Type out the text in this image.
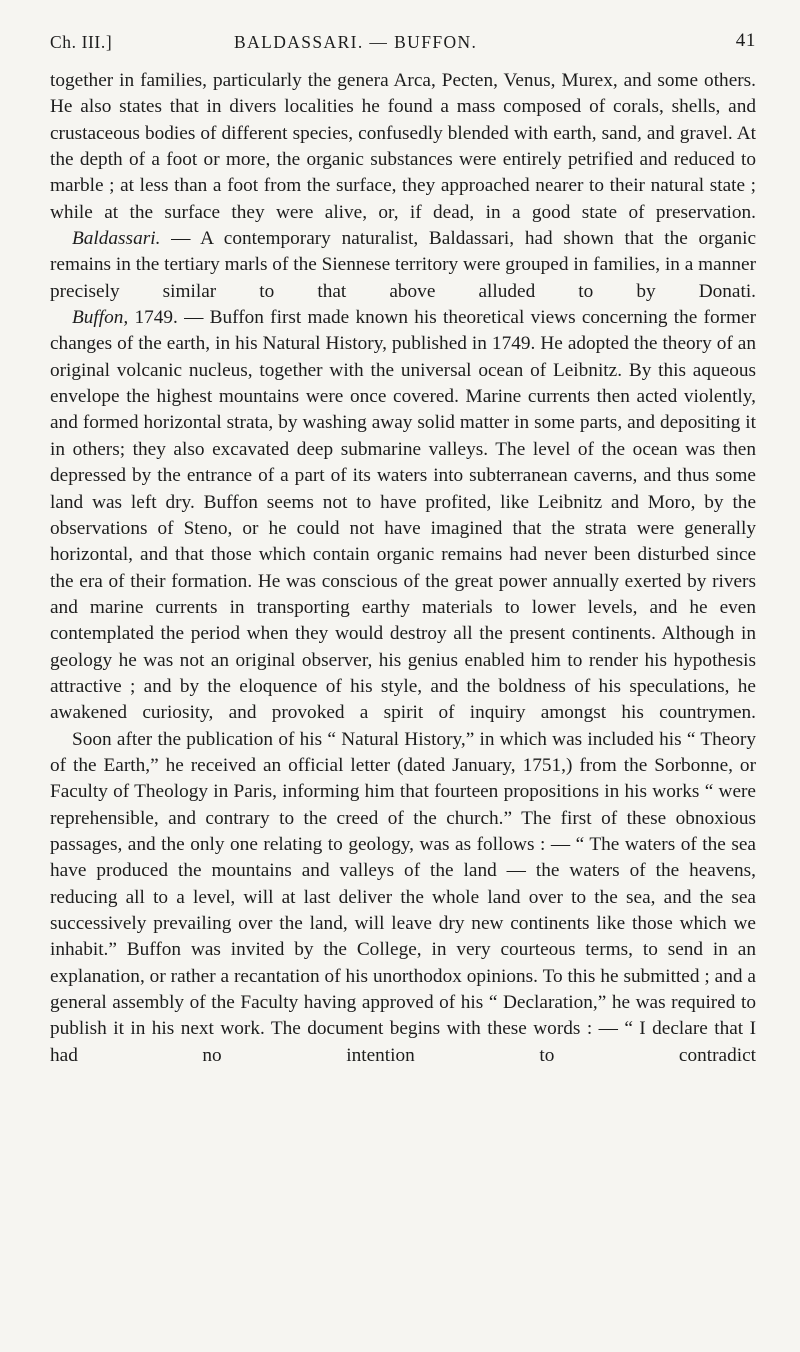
Ch. III.]	BALDASSARI. — BUFFON.	41

together in families, particularly the genera Arca, Pecten, Venus, Murex, and some others. He also states that in divers localities he found a mass composed of corals, shells, and crustaceous bodies of different species, confusedly blended with earth, sand, and gravel. At the depth of a foot or more, the organic substances were entirely petrified and reduced to marble ; at less than a foot from the surface, they approached nearer to their natural state ; while at the surface they were alive, or, if dead, in a good state of preservation.

Baldassari. — A contemporary naturalist, Baldassari, had shown that the organic remains in the tertiary marls of the Siennese territory were grouped in families, in a manner precisely similar to that above alluded to by Donati.

Buffon, 1749. — Buffon first made known his theoretical views concerning the former changes of the earth, in his Natural History, published in 1749. He adopted the theory of an original volcanic nucleus, together with the universal ocean of Leibnitz. By this aqueous envelope the highest mountains were once covered. Marine currents then acted violently, and formed horizontal strata, by washing away solid matter in some parts, and depositing it in others; they also excavated deep submarine valleys. The level of the ocean was then depressed by the entrance of a part of its waters into subterranean caverns, and thus some land was left dry. Buffon seems not to have profited, like Leibnitz and Moro, by the observations of Steno, or he could not have imagined that the strata were generally horizontal, and that those which contain organic remains had never been disturbed since the era of their formation. He was conscious of the great power annually exerted by rivers and marine currents in transporting earthy materials to lower levels, and he even contemplated the period when they would destroy all the present continents. Although in geology he was not an original observer, his genius enabled him to render his hypothesis attractive ; and by the eloquence of his style, and the boldness of his speculations, he awakened curiosity, and provoked a spirit of inquiry amongst his countrymen.

Soon after the publication of his “ Natural History,” in which was included his “ Theory of the Earth,” he received an official letter (dated January, 1751,) from the Sorbonne, or Faculty of Theology in Paris, informing him that fourteen propositions in his works “ were reprehensible, and contrary to the creed of the church.” The first of these obnoxious passages, and the only one relating to geology, was as follows : — “ The waters of the sea have produced the mountains and valleys of the land — the waters of the heavens, reducing all to a level, will at last deliver the whole land over to the sea, and the sea successively prevailing over the land, will leave dry new continents like those which we inhabit.” Buffon was invited by the College, in very courteous terms, to send in an explanation, or rather a recantation of his unorthodox opinions. To this he submitted ; and a general assembly of the Faculty having approved of his “ Declaration,” he was required to publish it in his next work. The document begins with these words : — “ I declare that I had no intention to contradict
